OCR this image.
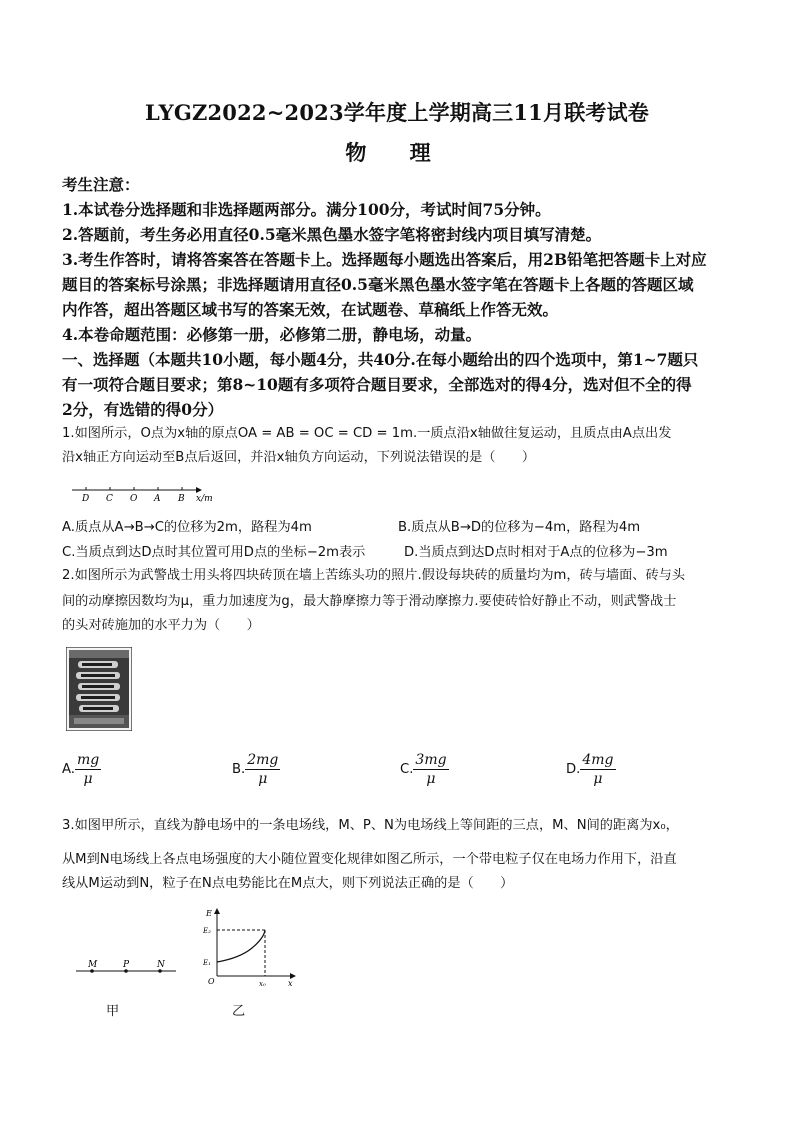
LYGZ2022~2023学年度上学期高三11月联考试卷
物 理
考生注意：
1.本试卷分选择题和非选择题两部分。满分100分，考试时间75分钟。
2.答题前，考生务必用直径0.5毫米黑色墨水签字笔将密封线内项目填写清楚。
3.考生作答时，请将答案答在答题卡上。选择题每小题选出答案后，用2B铅笔把答题卡上对应
题目的答案标号涂黑；非选择题请用直径0.5毫米黑色墨水签字笔在答题卡上各题的答题区域
内作答，超出答题区域书写的答案无效，在试题卷、草稿纸上作答无效。
4.本卷命题范围：必修第一册，必修第二册，静电场，动量。
一、选择题（本题共10小题，每小题4分，共40分.在每小题给出的四个选项中，第1~7题只
有一项符合题目要求；第8~10题有多项符合题目要求，全部选对的得4分，选对但不全的得
2分，有选错的得0分）
1.如图所示，O点为x轴的原点OA = AB = OC = CD = 1m.一质点沿x轴做往复运动，且质点由A点出发
沿x轴正方向运动至B点后返回，并沿x轴负方向运动，下列说法错误的是（　　）
D C O A B x/m
A.质点从A→B→C的位移为2m，路程为4m	B.质点从B→D的位移为−4m，路程为4m
C.当质点到达D点时其位置可用D点的坐标−2m表示	D.当质点到达D点时相对于A点的位移为−3m
2.如图所示为武警战士用头将四块砖顶在墙上苦练头功的照片.假设每块砖的质量均为m，砖与墙面、砖与头
间的动摩擦因数均为μ，重力加速度为g，最大静摩擦力等于滑动摩擦力.要使砖恰好静止不动，则武警战士
的头对砖施加的水平力为（　　）
A. $\frac{mg}{\mu}$	B. $\frac{2mg}{\mu}$	C. $\frac{3mg}{\mu}$	D. $\frac{4mg}{\mu}$
3.如图甲所示，直线为静电场中的一条电场线，M、P、N为电场线上等间距的三点，M、N间的距离为x₀，
从M到N电场线上各点电场强度的大小随位置变化规律如图乙所示，一个带电粒子仅在电场力作用下，沿直
线从M运动到N，粒子在N点电势能比在M点大，则下列说法正确的是（　　）
M	P	N
E
E₂
E₁
O	x₀	x
甲	乙
